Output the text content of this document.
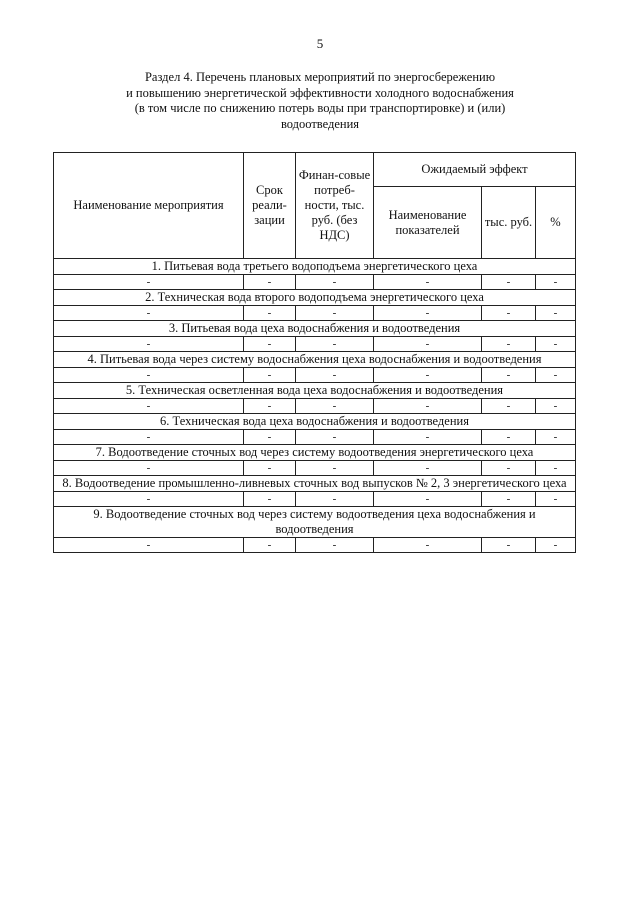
5
Раздел 4. Перечень плановых мероприятий по энергосбережению
и повышению энергетической эффективности холодного водоснабжения
(в том числе по снижению потерь воды при транспортировке) и (или)
водоотведения
Наименование мероприятия	Срок реали-зации	Финан-совые потреб-ности, тыс. руб. (без НДС)	Ожидаемый эффект		
			Наименование показателей	тыс. руб.	%
1. Питьевая вода третьего водоподъема энергетического цеха					
-	-	-	-	-	-
2. Техническая вода второго водоподъема энергетического цеха					
-	-	-	-	-	-
3. Питьевая вода цеха водоснабжения и водоотведения					
-	-	-	-	-	-
4. Питьевая вода через систему водоснабжения цеха водоснабжения и водоотведения					
-	-	-	-	-	-
5. Техническая осветленная вода цеха водоснабжения и водоотведения					
-	-	-	-	-	-
6. Техническая вода цеха водоснабжения и водоотведения					
-	-	-	-	-	-
7. Водоотведение сточных вод через систему водоотведения энергетического цеха					
-	-	-	-	-	-
8. Водоотведение промышленно-ливневых сточных вод выпусков № 2, 3 энергетического цеха					
-	-	-	-	-	-
9. Водоотведение сточных вод через систему водоотведения цеха водоснабжения и водоотведения					
-	-	-	-	-	-
